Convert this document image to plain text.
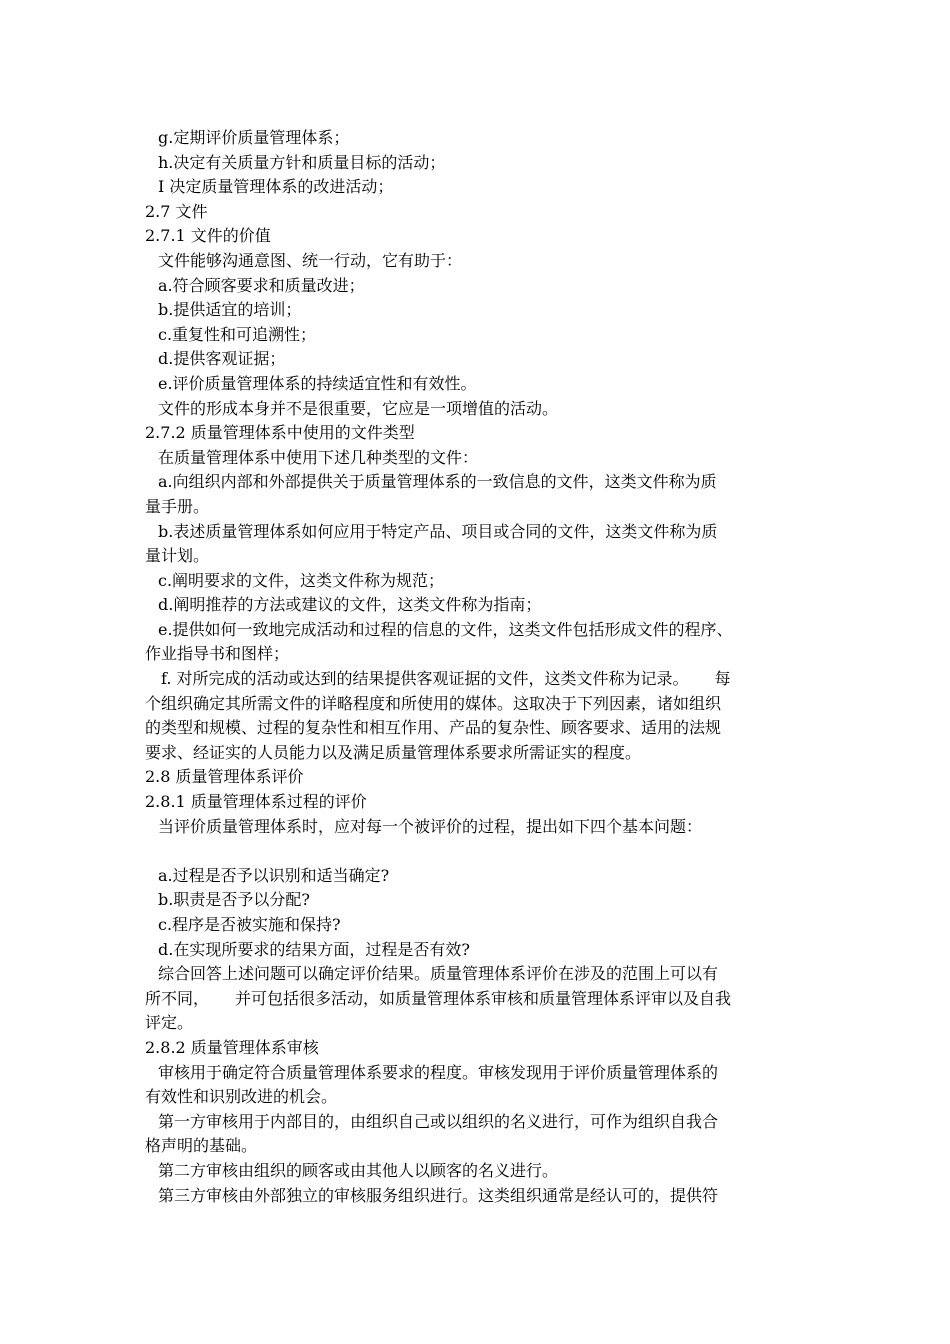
g.定期评价质量管理体系；
h.决定有关质量方针和质量目标的活动；
I 决定质量管理体系的改进活动；
2.7 文件
2.7.1 文件的价值
文件能够沟通意图、统一行动，它有助于：
a.符合顾客要求和质量改进；
b.提供适宜的培训；
c.重复性和可追溯性；
d.提供客观证据；
e.评价质量管理体系的持续适宜性和有效性。
文件的形成本身并不是很重要，它应是一项增值的活动。
2.7.2 质量管理体系中使用的文件类型
在质量管理体系中使用下述几种类型的文件：
a.向组织内部和外部提供关于质量管理体系的一致信息的文件，这类文件称为质
量手册。
b.表述质量管理体系如何应用于特定产品、项目或合同的文件，这类文件称为质
量计划。
c.阐明要求的文件，这类文件称为规范；
d.阐明推荐的方法或建议的文件，这类文件称为指南；
e.提供如何一致地完成活动和过程的信息的文件，这类文件包括形成文件的程序、
作业指导书和图样；
f. 对所完成的活动或达到的结果提供客观证据的文件，这类文件称为记录。 每
个组织确定其所需文件的详略程度和所使用的媒体。这取决于下列因素，诸如组织
的类型和规模、过程的复杂性和相互作用、产品的复杂性、顾客要求、适用的法规
要求、经证实的人员能力以及满足质量管理体系要求所需证实的程度。
2.8 质量管理体系评价
2.8.1 质量管理体系过程的评价
当评价质量管理体系时，应对每一个被评价的过程，提出如下四个基本问题：
a.过程是否予以识别和适当确定?
b.职责是否予以分配?
c.程序是否被实施和保持?
d.在实现所要求的结果方面，过程是否有效?
综合回答上述问题可以确定评价结果。质量管理体系评价在涉及的范围上可以有
所不同， 并可包括很多活动，如质量管理体系审核和质量管理体系评审以及自我
评定。
2.8.2 质量管理体系审核
审核用于确定符合质量管理体系要求的程度。审核发现用于评价质量管理体系的
有效性和识别改进的机会。
第一方审核用于内部目的，由组织自己或以组织的名义进行，可作为组织自我合
格声明的基础。
第二方审核由组织的顾客或由其他人以顾客的名义进行。
第三方审核由外部独立的审核服务组织进行。这类组织通常是经认可的，提供符
